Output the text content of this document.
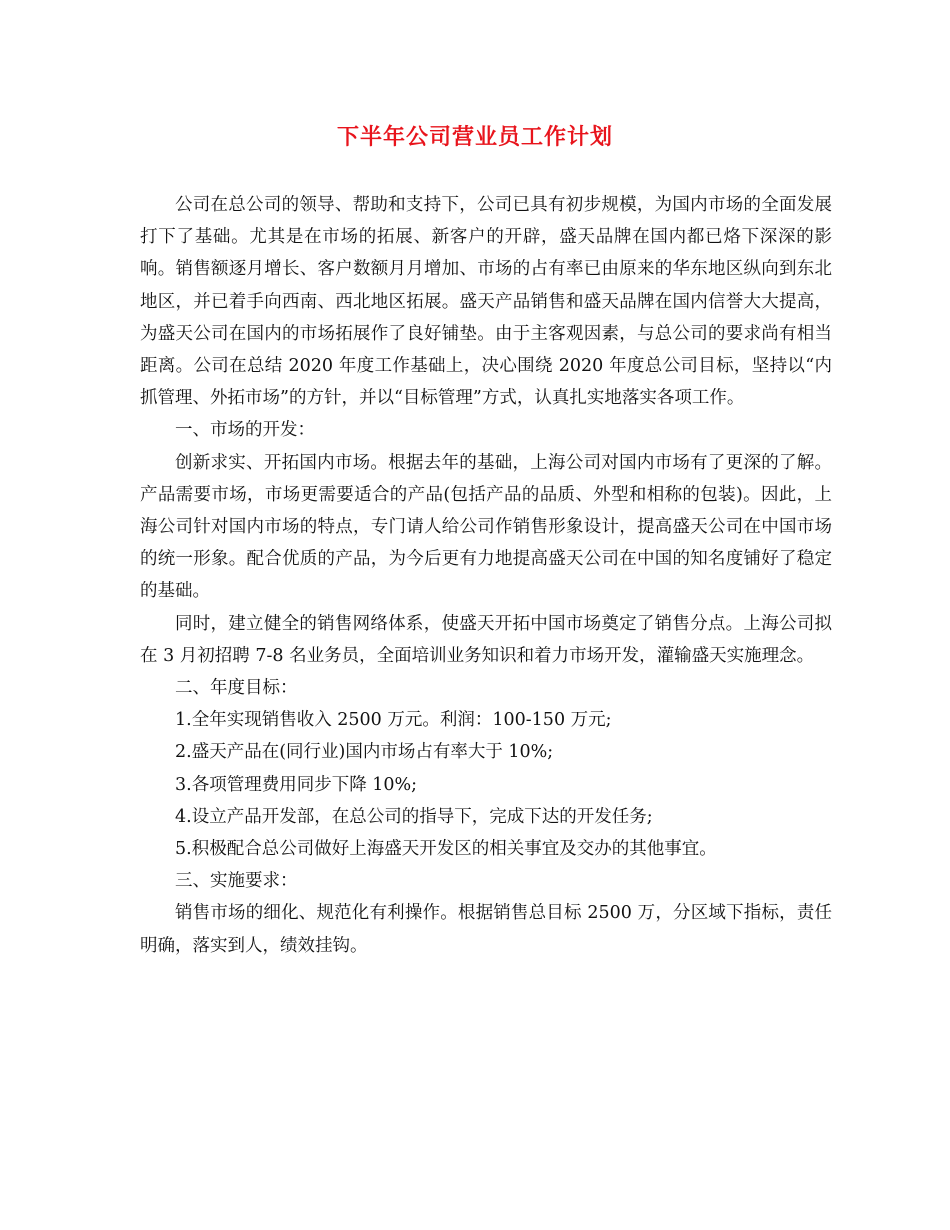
下半年公司营业员工作计划

公司在总公司的领导、帮助和支持下，公司已具有初步规模，为国内市场的全面发展打下了基础。尤其是在市场的拓展、新客户的开辟，盛天品牌在国内都已烙下深深的影响。销售额逐月增长、客户数额月月增加、市场的占有率已由原来的华东地区纵向到东北地区，并已着手向西南、西北地区拓展。盛天产品销售和盛天品牌在国内信誉大大提高，为盛天公司在国内的市场拓展作了良好铺垫。由于主客观因素，与总公司的要求尚有相当距离。公司在总结 2020 年度工作基础上，决心围绕 2020 年度总公司目标，坚持以“内抓管理、外拓市场”的方针，并以“目标管理”方式，认真扎实地落实各项工作。

一、市场的开发：

创新求实、开拓国内市场。根据去年的基础，上海公司对国内市场有了更深的了解。产品需要市场，市场更需要适合的产品(包括产品的品质、外型和相称的包装)。因此，上海公司针对国内市场的特点，专门请人给公司作销售形象设计，提高盛天公司在中国市场的统一形象。配合优质的产品，为今后更有力地提高盛天公司在中国的知名度铺好了稳定的基础。

同时，建立健全的销售网络体系，使盛天开拓中国市场奠定了销售分点。上海公司拟在 3 月初招聘 7-8 名业务员，全面培训业务知识和着力市场开发，灌输盛天实施理念。

二、年度目标：

1.全年实现销售收入 2500 万元。利润：100-150 万元;

2.盛天产品在(同行业)国内市场占有率大于 10%;

3.各项管理费用同步下降 10%;

4.设立产品开发部，在总公司的指导下，完成下达的开发任务;

5.积极配合总公司做好上海盛天开发区的相关事宜及交办的其他事宜。

三、实施要求：

销售市场的细化、规范化有利操作。根据销售总目标 2500 万，分区域下指标，责任明确，落实到人，绩效挂钩。
